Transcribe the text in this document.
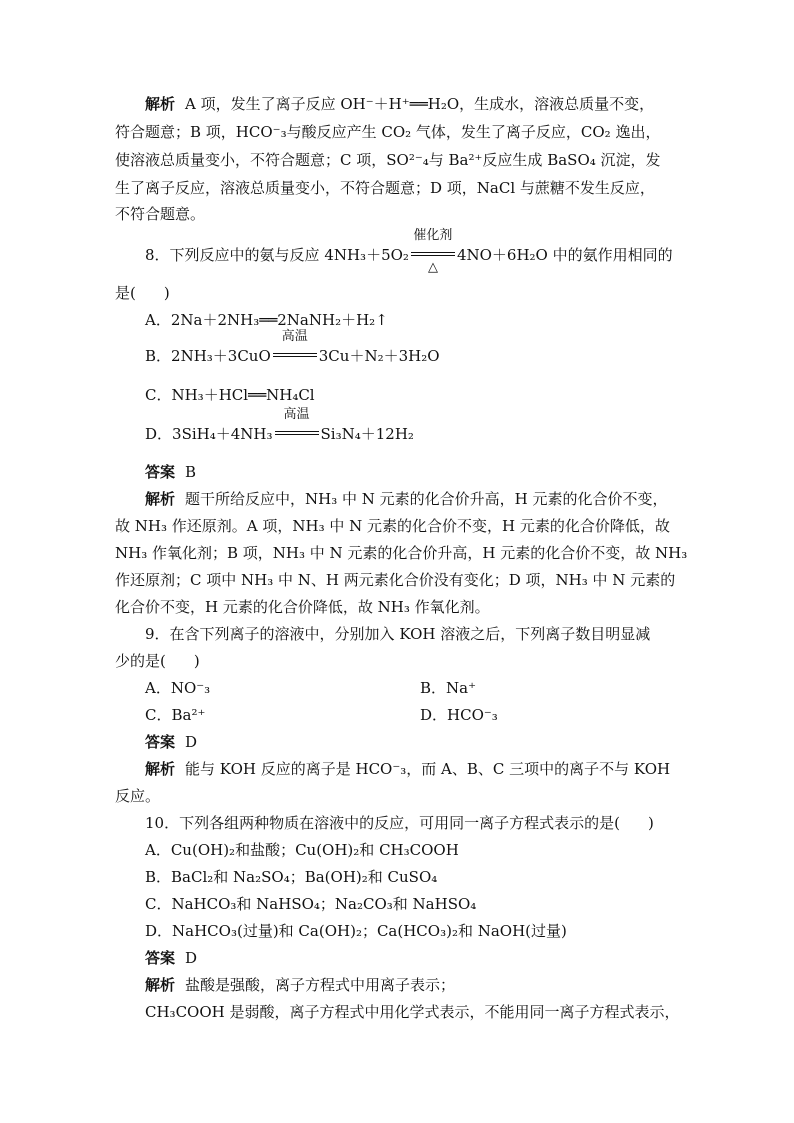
解析 A 项，发生了离子反应 OH⁻＋H⁺══H₂O，生成水，溶液总质量不变，
符合题意；B 项，HCO⁻₃与酸反应产生 CO₂ 气体，发生了离子反应，CO₂ 逸出，
使溶液总质量变小，不符合题意；C 项，SO²⁻₄与 Ba²⁺反应生成 BaSO₄ 沉淀，发
生了离子反应，溶液总质量变小，不符合题意；D 项，NaCl 与蔗糖不发生反应，
不符合题意。
8．下列反应中的氨与反应 4NH₃＋5O₂
催化剂
△
4NO＋6H₂O 中的氨作用相同的
是( )
A．2Na＋2NH₃══2NaNH₂＋H₂↑
B．2NH₃＋3CuO
高温
3Cu＋N₂＋3H₂O
C．NH₃＋HCl══NH₄Cl
D．3SiH₄＋4NH₃
高温
Si₃N₄＋12H₂
答案 B
解析 题干所给反应中，NH₃ 中 N 元素的化合价升高，H 元素的化合价不变，
故 NH₃ 作还原剂。A 项，NH₃ 中 N 元素的化合价不变，H 元素的化合价降低，故
NH₃ 作氧化剂；B 项，NH₃ 中 N 元素的化合价升高，H 元素的化合价不变，故 NH₃
作还原剂；C 项中 NH₃ 中 N、H 两元素化合价没有变化；D 项，NH₃ 中 N 元素的
化合价不变，H 元素的化合价降低，故 NH₃ 作氧化剂。
9．在含下列离子的溶液中，分别加入 KOH 溶液之后，下列离子数目明显减
少的是( )
A．NO⁻₃	B．Na⁺
C．Ba²⁺	D．HCO⁻₃
答案 D
解析 能与 KOH 反应的离子是 HCO⁻₃，而 A、B、C 三项中的离子不与 KOH
反应。
10．下列各组两种物质在溶液中的反应，可用同一离子方程式表示的是( )
A．Cu(OH)₂和盐酸；Cu(OH)₂和 CH₃COOH
B．BaCl₂和 Na₂SO₄；Ba(OH)₂和 CuSO₄
C．NaHCO₃和 NaHSO₄；Na₂CO₃和 NaHSO₄
D．NaHCO₃(过量)和 Ca(OH)₂；Ca(HCO₃)₂和 NaOH(过量)
答案 D
解析 盐酸是强酸，离子方程式中用离子表示；
CH₃COOH 是弱酸，离子方程式中用化学式表示，不能用同一离子方程式表示，
